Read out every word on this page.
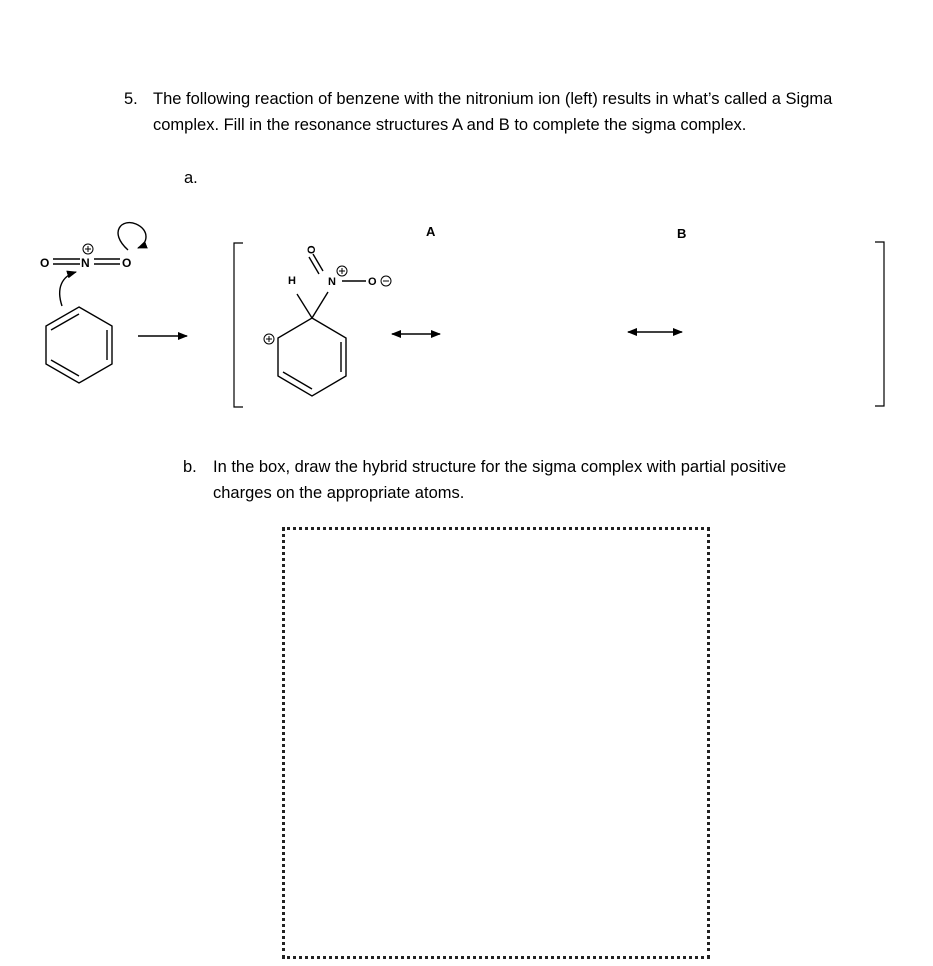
5. The following reaction of benzene with the nitronium ion (left) results in what’s called a Sigma complex. Fill in the resonance structures A and B to complete the sigma complex.
a.
A	B
O	N	O
H	N
O
O
b. In the box, draw the hybrid structure for the sigma complex with partial positive charges on the appropriate atoms.
